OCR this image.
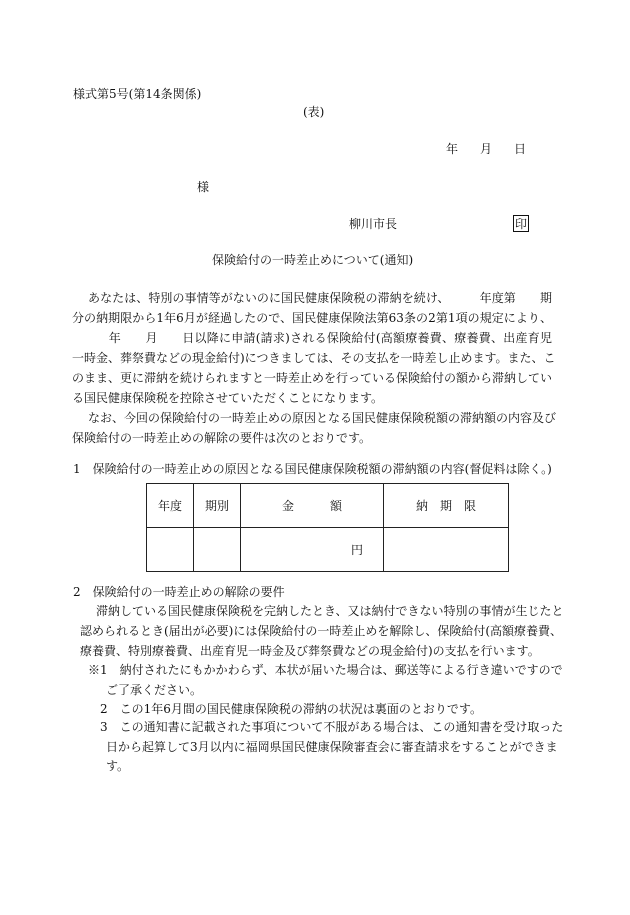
様式第5号(第14条関係)
(表)
年 月 日
様
柳川市長	印
保険給付の一時差止めについて(通知)
あなたは、特別の事情等がないのに国民健康保険税の滞納を続け、　　　年度第　　期
分の納期限から1年6月が経過したので、国民健康保険法第63条の2第1項の規定により、
　　　年　　月　　日以降に申請(請求)される保険給付(高額療養費、療養費、出産育児
一時金、葬祭費などの現金給付)につきましては、その支払を一時差し止めます。また、こ
のまま、更に滞納を続けられますと一時差止めを行っている保険給付の額から滞納してい
る国民健康保険税を控除させていただくことになります。
なお、今回の保険給付の一時差止めの原因となる国民健康保険税額の滞納額の内容及び
保険給付の一時差止めの解除の要件は次のとおりです。
1　保険給付の一時差止めの原因となる国民健康保険税額の滞納額の内容(督促料は除く。)
年度	期別	金　　　額	納　期　限
		円	
2　保険給付の一時差止めの解除の要件
滞納している国民健康保険税を完納したとき、又は納付できない特別の事情が生じたと
認められるとき(届出が必要)には保険給付の一時差止めを解除し、保険給付(高額療養費、
療養費、特別療養費、出産育児一時金及び葬祭費などの現金給付)の支払を行います。
※1　納付されたにもかかわらず、本状が届いた場合は、郵送等による行き違いですので
ご了承ください。
2　この1年6月間の国民健康保険税の滞納の状況は裏面のとおりです。
3　この通知書に記載された事項について不服がある場合は、この通知書を受け取った
日から起算して3月以内に福岡県国民健康保険審査会に審査請求をすることができま
す。
